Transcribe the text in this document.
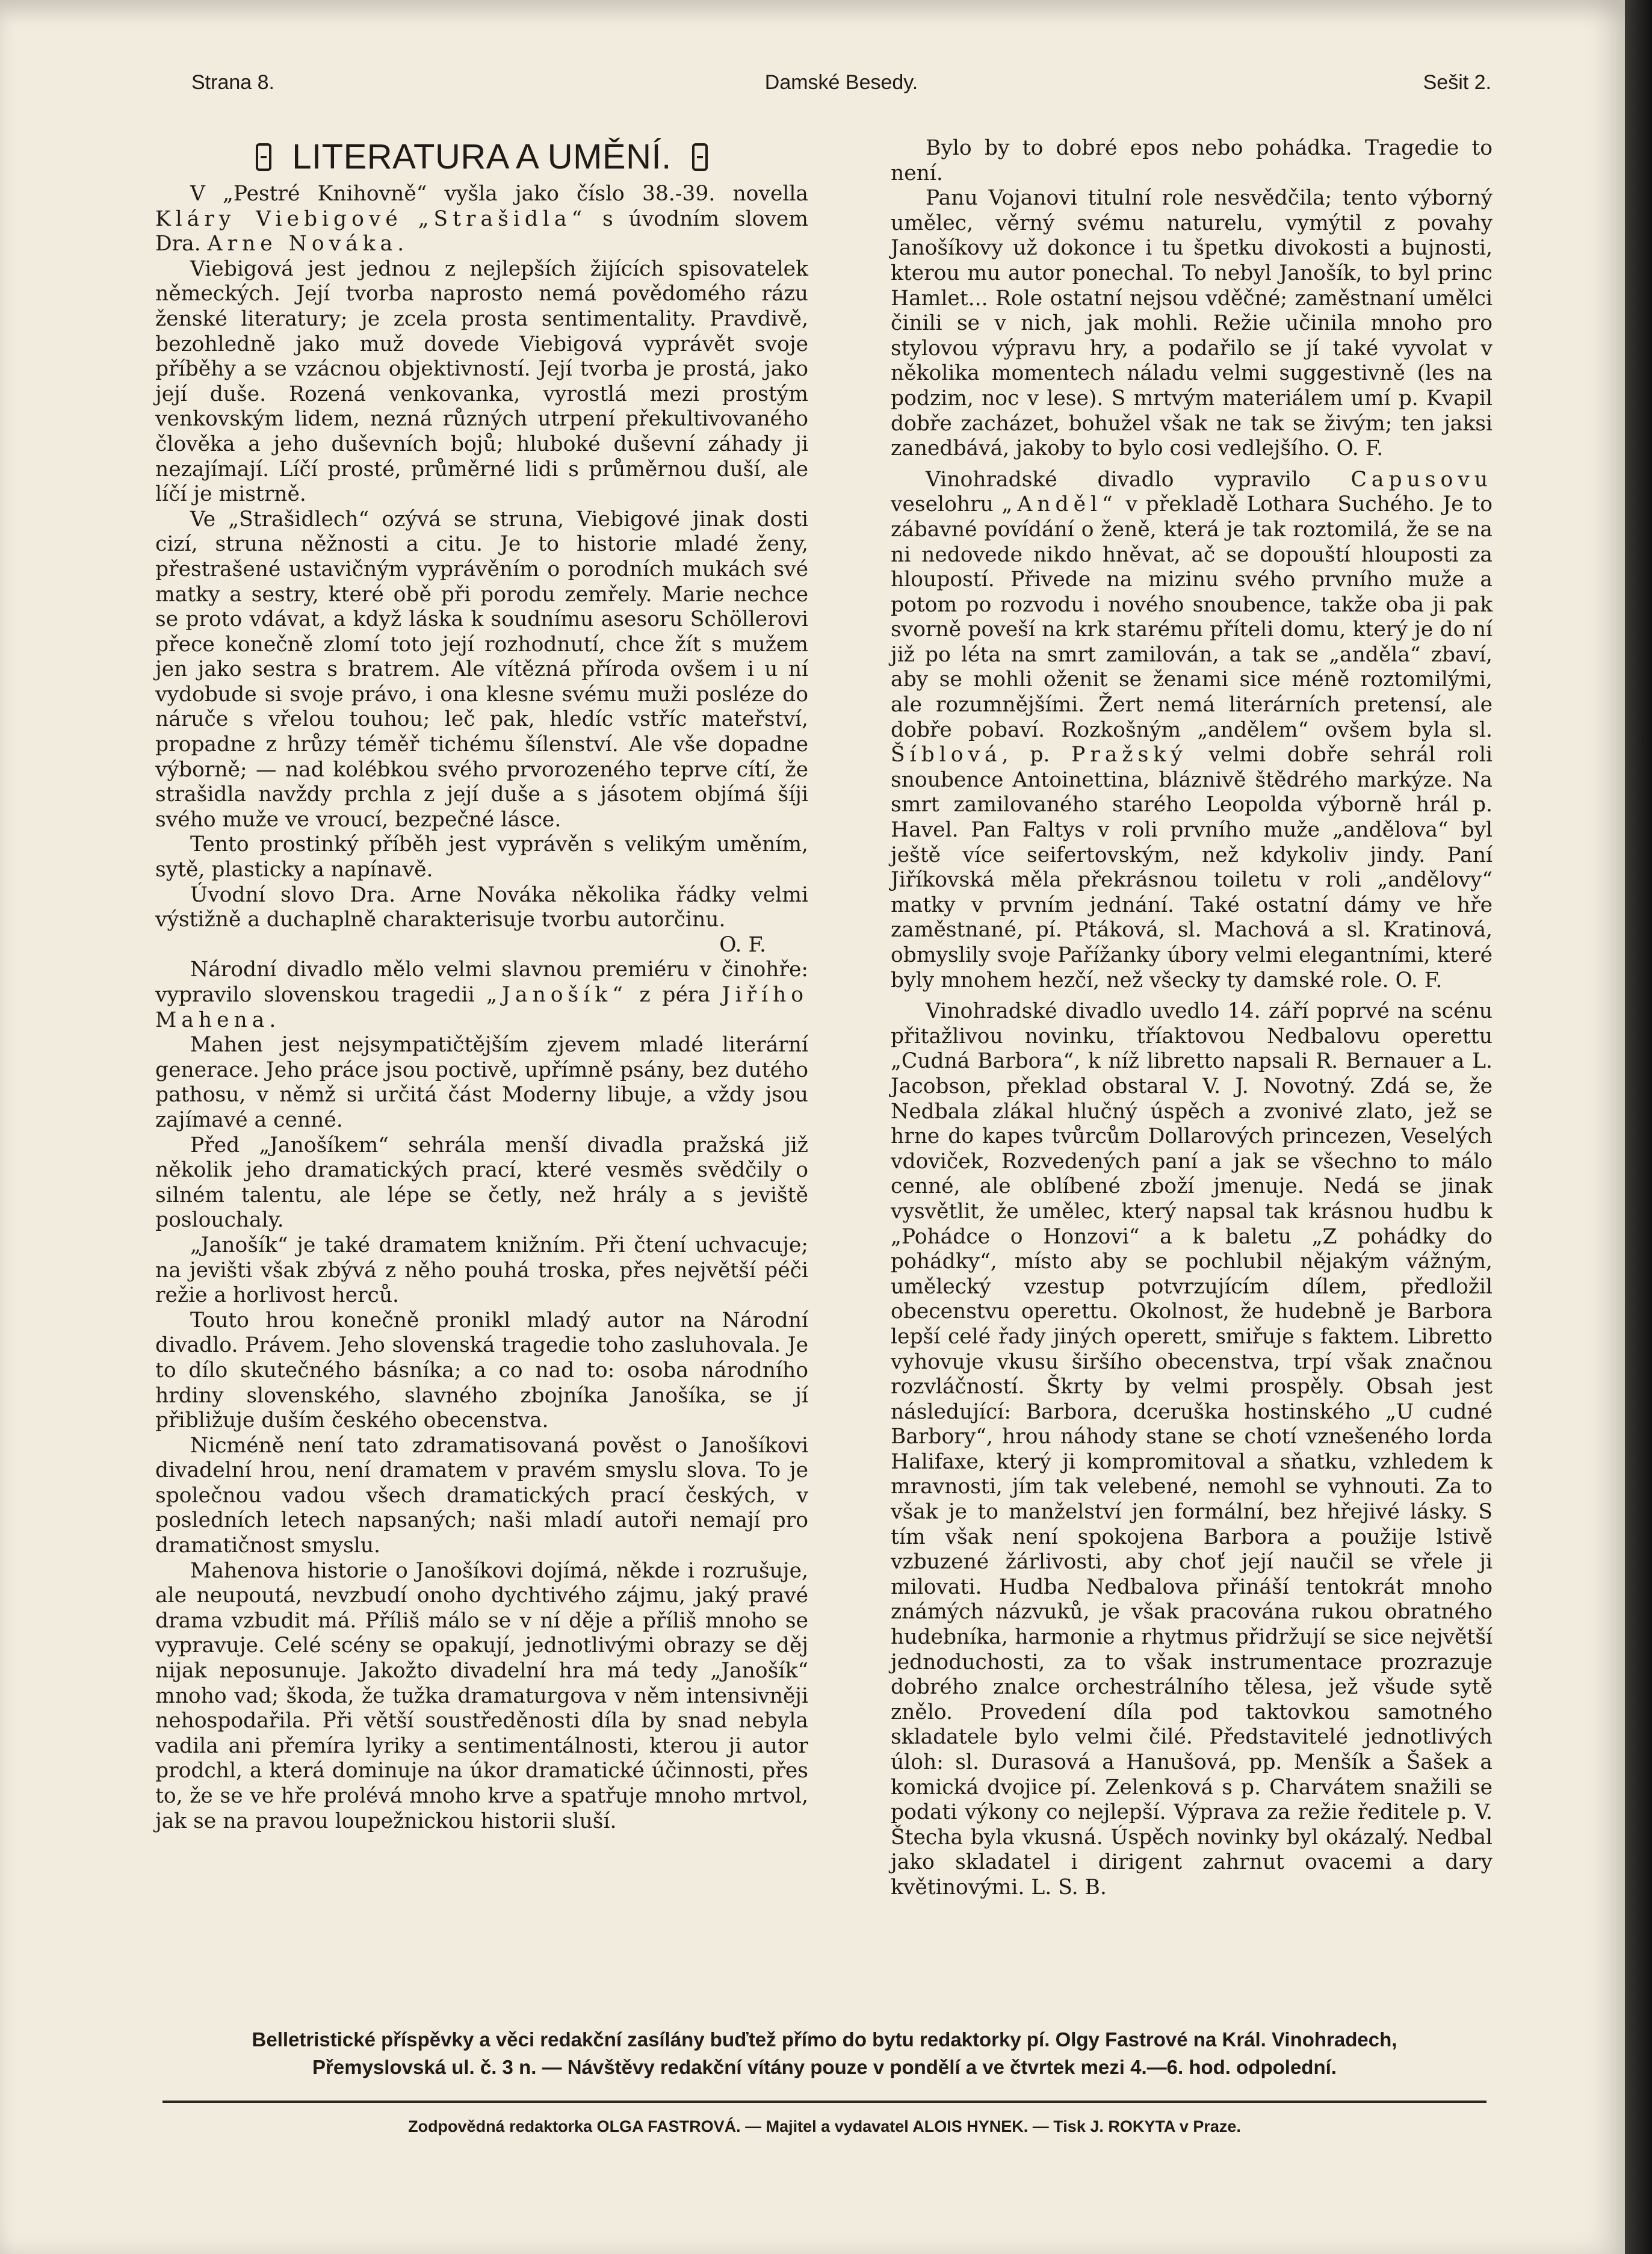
Strana 8.	Damské Besedy.	Sešit 2.
LITERATURA A UMĚNÍ.

V „Pestré Knihovně“ vyšla jako číslo 38.-39. novella Kláry Viebigové „Strašidla“ s úvodním slovem Dra. Arne Nováka.

Viebigová jest jednou z nejlepších žijících spisovatelek německých. Její tvorba naprosto nemá povědomého rázu ženské literatury; je zcela prosta sentimentality. Pravdivě, bezohledně jako muž dovede Viebigová vyprávět svoje příběhy a se vzácnou objektivností. Její tvorba je prostá, jako její duše. Rozená venkovanka, vyrostlá mezi prostým venkovským lidem, nezná různých utrpení překultivovaného člověka a jeho duševních bojů; hluboké duševní záhady ji nezajímají. Líčí prosté, průměrné lidi s průměrnou duší, ale líčí je mistrně.

Ve „Strašidlech“ ozývá se struna, Viebigové jinak dosti cizí, struna něžnosti a citu. Je to historie mladé ženy, přestrašené ustavičným vyprávěním o porodních mukách své matky a sestry, které obě při porodu zemřely. Marie nechce se proto vdávat, a když láska k soudnímu asesoru Schöllerovi přece konečně zlomí toto její rozhodnutí, chce žít s mužem jen jako sestra s bratrem. Ale vítězná příroda ovšem i u ní vydobude si svoje právo, i ona klesne svému muži posléze do náruče s vřelou touhou; leč pak, hledíc vstříc mateřství, propadne z hrůzy téměř tichému šílenství. Ale vše dopadne výborně; — nad kolébkou svého prvorozeného teprve cítí, že strašidla navždy prchla z její duše a s jásotem objímá šíji svého muže ve vroucí, bezpečné lásce.

Tento prostinký příběh jest vyprávěn s velikým uměním, sytě, plasticky a napínavě.

Úvodní slovo Dra. Arne Nováka několika řádky velmi výstižně a duchaplně charakterisuje tvorbu autorčinu.

O. F.

Národní divadlo mělo velmi slavnou premiéru v činohře: vypravilo slovenskou tragedii „Janošík“ z péra Jiřího Mahena.

Mahen jest nejsympatičtějším zjevem mladé literární generace. Jeho práce jsou poctivě, upřímně psány, bez dutého pathosu, v němž si určitá část Moderny libuje, a vždy jsou zajímavé a cenné.

Před „Janošíkem“ sehrála menší divadla pražská již několik jeho dramatických prací, které vesměs svědčily o silném talentu, ale lépe se četly, než hrály a s jeviště poslouchaly.

„Janošík“ je také dramatem knižním. Při čtení uchvacuje; na jevišti však zbývá z něho pouhá troska, přes největší péči režie a horlivost herců.

Touto hrou konečně pronikl mladý autor na Národní divadlo. Právem. Jeho slovenská tragedie toho zasluhovala. Je to dílo skutečného básníka; a co nad to: osoba národního hrdiny slovenského, slavného zbojníka Janošíka, se jí přibližuje duším českého obecenstva.

Nicméně není tato zdramatisovaná pověst o Janošíkovi divadelní hrou, není dramatem v pravém smyslu slova. To je společnou vadou všech dramatických prací českých, v posledních letech napsaných; naši mladí autoři nemají pro dramatičnost smyslu.

Mahenova historie o Janošíkovi dojímá, někde i rozrušuje, ale neupoutá, nevzbudí onoho dychtivého zájmu, jaký pravé drama vzbudit má. Příliš málo se v ní děje a příliš mnoho se vypravuje. Celé scény se opakují, jednotlivými obrazy se děj nijak neposunuje. Jakožto divadelní hra má tedy „Janošík“ mnoho vad; škoda, že tužka dramaturgova v něm intensivněji nehospodařila. Při větší soustředěnosti díla by snad nebyla vadila ani přemíra lyriky a sentimentálnosti, kterou ji autor prodchl, a která dominuje na úkor dramatické účinnosti, přes to, že se ve hře prolévá mnoho krve a spatřuje mnoho mrtvol, jak se na pravou loupežnickou historii sluší.

Bylo by to dobré epos nebo pohádka. Tragedie to není.

Panu Vojanovi titulní role nesvědčila; tento výborný umělec, věrný svému naturelu, vymýtil z povahy Janošíkovy už dokonce i tu špetku divokosti a bujnosti, kterou mu autor ponechal. To nebyl Janošík, to byl princ Hamlet... Role ostatní nejsou vděčné; zaměstnaní umělci činili se v nich, jak mohli. Režie učinila mnoho pro stylovou výpravu hry, a podařilo se jí také vyvolat v několika momentech náladu velmi suggestivně (les na podzim, noc v lese). S mrtvým materiálem umí p. Kvapil dobře zacházet, bohužel však ne tak se živým; ten jaksi zanedbává, jakoby to bylo cosi vedlejšího. O. F.

Vinohradské divadlo vypravilo Capusovu veselohru „Anděl“ v překladě Lothara Suchého. Je to zábavné povídání o ženě, která je tak roztomilá, že se na ni nedovede nikdo hněvat, ač se dopouští hlouposti za hloupostí. Přivede na mizinu svého prvního muže a potom po rozvodu i nového snoubence, takže oba ji pak svorně poveší na krk starému příteli domu, který je do ní již po léta na smrt zamilován, a tak se „anděla“ zbaví, aby se mohli oženit se ženami sice méně roztomilými, ale rozumnějšími. Žert nemá literárních pretensí, ale dobře pobaví. Rozkošným „andělem“ ovšem byla sl. Šíblová, p. Pražský velmi dobře sehrál roli snoubence Antoinettina, bláznivě štědrého markýze. Na smrt zamilovaného starého Leopolda výborně hrál p. Havel. Pan Faltys v roli prvního muže „andělova“ byl ještě více seifertovským, než kdykoliv jindy. Paní Jiříkovská měla překrásnou toiletu v roli „andělovy“ matky v prvním jednání. Také ostatní dámy ve hře zaměstnané, pí. Ptáková, sl. Machová a sl. Kratinová, obmyslily svoje Pařížanky úbory velmi elegantními, které byly mnohem hezčí, než všecky ty damské role. O. F.

Vinohradské divadlo uvedlo 14. září poprvé na scénu přitažlivou novinku, tříaktovou Nedbalovu operettu „Cudná Barbora“, k níž libretto napsali R. Bernauer a L. Jacobson, překlad obstaral V. J. Novotný. Zdá se, že Nedbala zlákal hlučný úspěch a zvonivé zlato, jež se hrne do kapes tvůrcům Dollarových princezen, Veselých vdoviček, Rozvedených paní a jak se všechno to málo cenné, ale oblíbené zboží jmenuje. Nedá se jinak vysvětlit, že umělec, který napsal tak krásnou hudbu k „Pohádce o Honzovi“ a k baletu „Z pohádky do pohádky“, místo aby se pochlubil nějakým vážným, umělecký vzestup potvrzujícím dílem, předložil obecenstvu operettu. Okolnost, že hudebně je Barbora lepší celé řady jiných operett, smiřuje s faktem. Libretto vyhovuje vkusu širšího obecenstva, trpí však značnou rozvláčností. Škrty by velmi prospěly. Obsah jest následující: Barbora, dceruška hostinského „U cudné Barbory“, hrou náhody stane se chotí vznešeného lorda Halifaxe, který ji kompromitoval a sňatku, vzhledem k mravnosti, jím tak velebené, nemohl se vyhnouti. Za to však je to manželství jen formální, bez hřejivé lásky. S tím však není spokojena Barbora a použije lstivě vzbuzené žárlivosti, aby choť její naučil se vřele ji milovati. Hudba Nedbalova přináší tentokrát mnoho známých názvuků, je však pracována rukou obratného hudebníka, harmonie a rhytmus přidržují se sice největší jednoduchosti, za to však instrumentace prozrazuje dobrého znalce orchestrálního tělesa, jež všude sytě znělo. Provedení díla pod taktovkou samotného skladatele bylo velmi čilé. Představitelé jednotlivých úloh: sl. Durasová a Hanušová, pp. Menšík a Šašek a komická dvojice pí. Zelenková s p. Charvátem snažili se podati výkony co nejlepší. Výprava za režie ředitele p. V. Štecha byla vkusná. Úspěch novinky byl okázalý. Nedbal jako skladatel i dirigent zahrnut ovacemi a dary květinovými. L. S. B.

Belletristické příspěvky a věci redakční zasílány buďtež přímo do bytu redaktorky pí. Olgy Fastrové na Král. Vinohradech,
Přemyslovská ul. č. 3 n. — Návštěvy redakční vítány pouze v pondělí a ve čtvrtek mezi 4.—6. hod. odpolední.
Zodpovědná redaktorka OLGA FASTROVÁ. — Majitel a vydavatel ALOIS HYNEK. — Tisk J. ROKYTA v Praze.
